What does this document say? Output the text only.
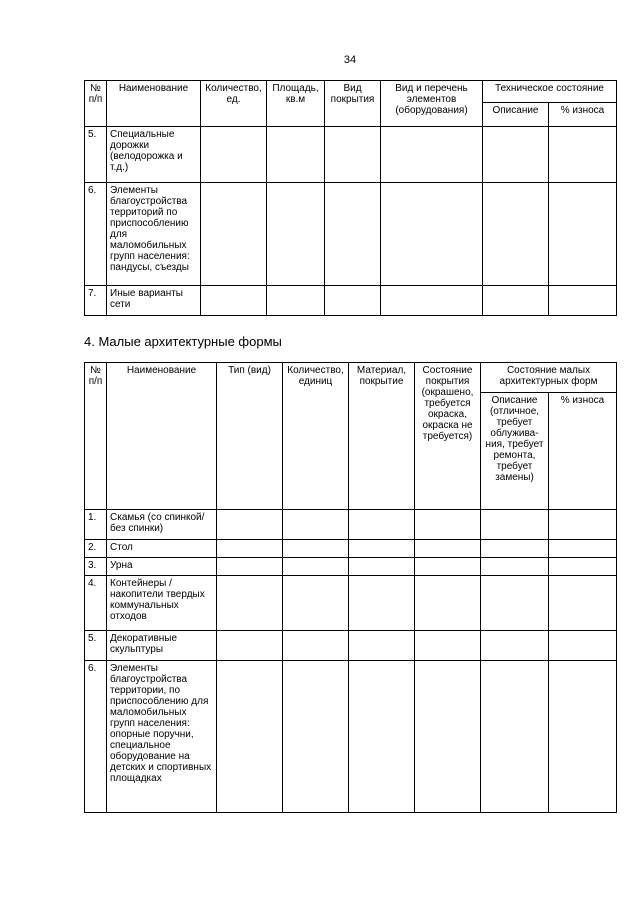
34
№ п/п	Наименование	Количество, ед.	Площадь, кв.м	Вид покрытия	Вид и перечень элементов (оборудования)	Техническое состояние	
						Описание	% износа
5.	Специальные дорожки (велодорожка и т.д.)						
6.	Элементы благоустройства территорий по приспособлению для маломобильных групп населения: пандусы, съезды						
7.	Иные варианты сети						
4. Малые архитектурные формы
№ п/п	Наименование	Тип (вид)	Количество, единиц	Материал, покрытие	Состояние покрытия (окрашено, требуется окраска, окраска не требуется)	Состояние малых архитектурных форм	
						Описание (отличное, требует облужива- ния, требует ремонта, требует замены)	% износа
1.	Скамья (со спинкой/ без спинки)						
2.	Стол						
3.	Урна						
4.	Контейнеры / накопители твердых коммунальных отходов						
5.	Декоративные скульптуры						
6.	Элементы благоустройства территории, по приспособлению для маломобильных групп населения: опорные поручни, специальное оборудование на детских и спортивных площадках						
